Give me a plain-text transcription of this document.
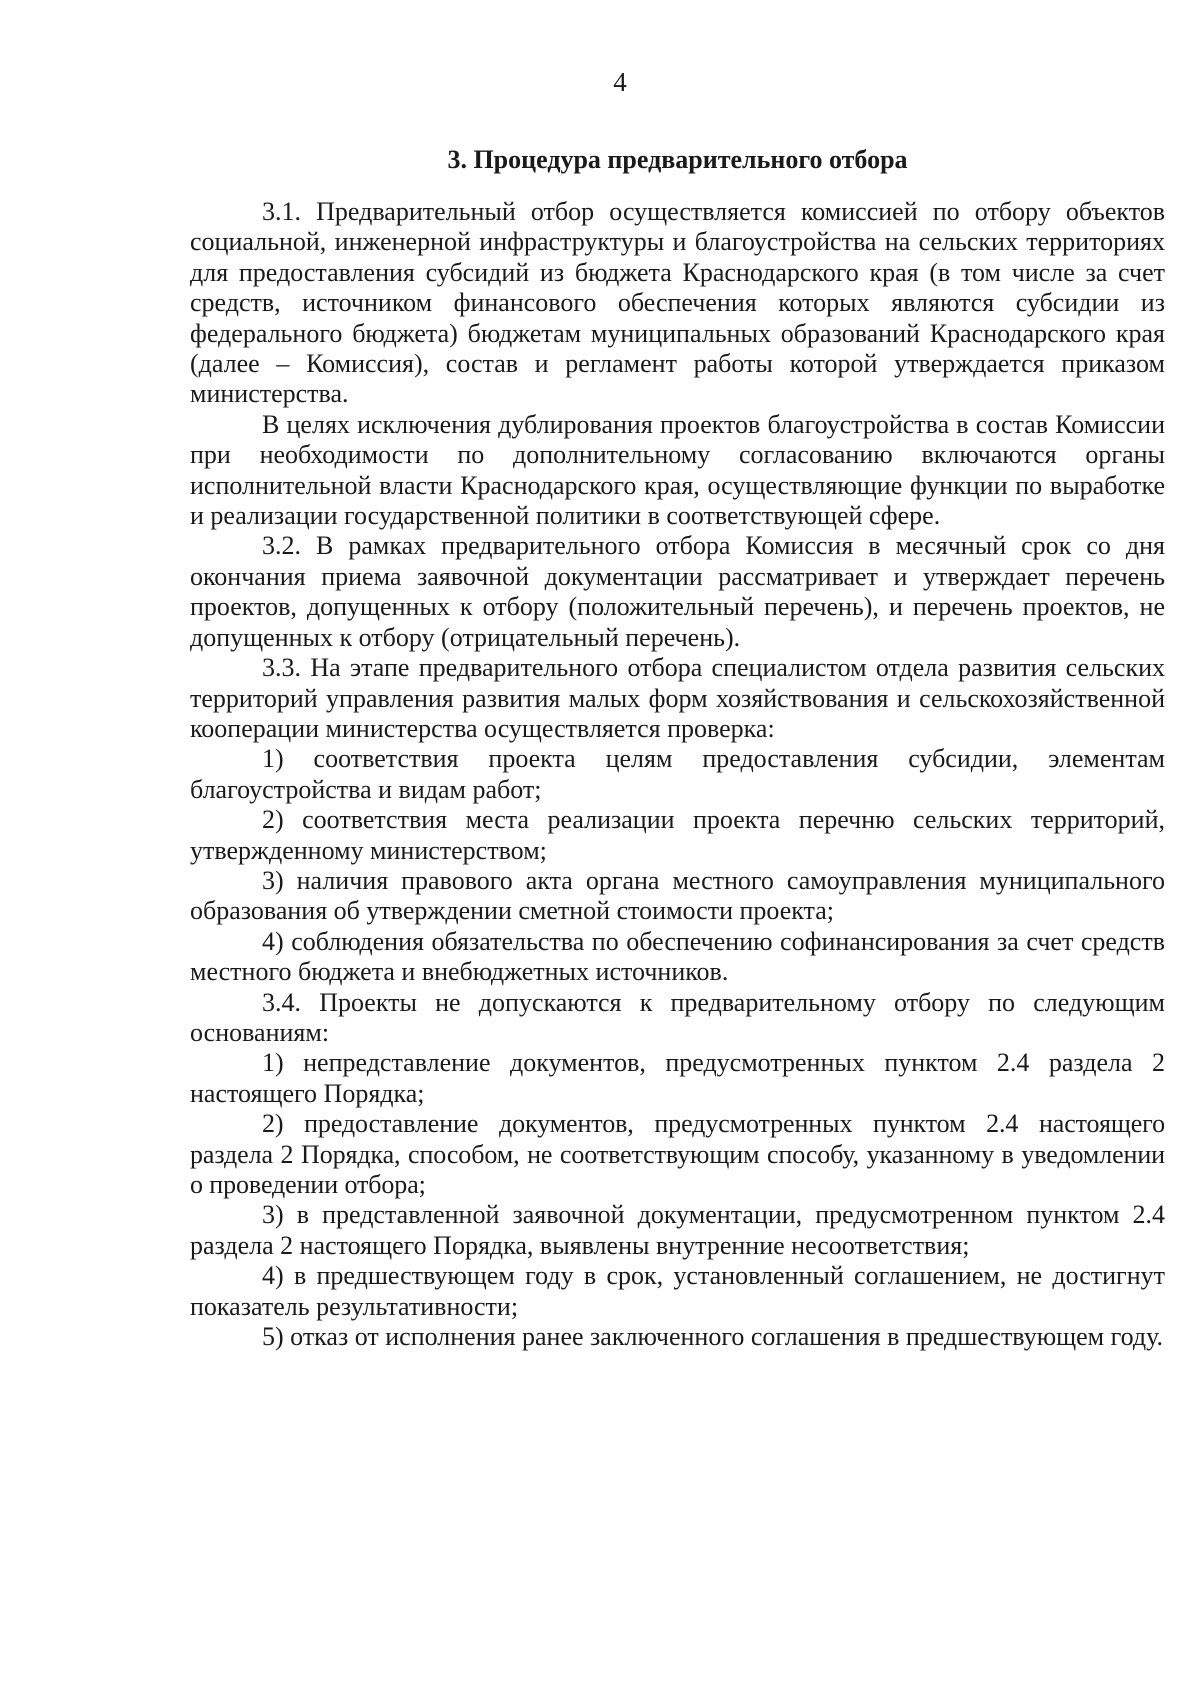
4
3. Процедура предварительного отбора

3.1. Предварительный отбор осуществляется комиссией по отбору объектов социальной, инженерной инфраструктуры и благоустройства на сельских территориях для предоставления субсидий из бюджета Краснодарского края (в том числе за счет средств, источником финансового обеспечения которых являются субсидии из федерального бюджета) бюджетам муниципальных образований Краснодарского края (далее – Комиссия), состав и регламент работы которой утверждается приказом министерства.

В целях исключения дублирования проектов благоустройства в состав Комиссии при необходимости по дополнительному согласованию включаются органы исполнительной власти Краснодарского края, осуществляющие функции по выработке и реализации государственной политики в соответствующей сфере.

3.2. В рамках предварительного отбора Комиссия в месячный срок со дня окончания приема заявочной документации рассматривает и утверждает перечень проектов, допущенных к отбору (положительный перечень), и перечень проектов, не допущенных к отбору (отрицательный перечень).

3.3. На этапе предварительного отбора специалистом отдела развития сельских территорий управления развития малых форм хозяйствования и сельскохозяйственной кооперации министерства осуществляется проверка:

1) соответствия проекта целям предоставления субсидии, элементам благоустройства и видам работ;

2) соответствия места реализации проекта перечню сельских территорий, утвержденному министерством;

3) наличия правового акта органа местного самоуправления муниципального образования об утверждении сметной стоимости проекта;

4) соблюдения обязательства по обеспечению софинансирования за счет средств местного бюджета и внебюджетных источников.

3.4. Проекты не допускаются к предварительному отбору по следующим основаниям:

1) непредставление документов, предусмотренных пунктом 2.4 раздела 2 настоящего Порядка;

2) предоставление документов, предусмотренных пунктом 2.4 настоящего раздела 2 Порядка, способом, не соответствующим способу, указанному в уведомлении о проведении отбора;

3) в представленной заявочной документации, предусмотренном пунктом 2.4 раздела 2 настоящего Порядка, выявлены внутренние несоответствия;

4) в предшествующем году в срок, установленный соглашением, не достигнут показатель результативности;

5) отказ от исполнения ранее заключенного соглашения в предшествующем году.
